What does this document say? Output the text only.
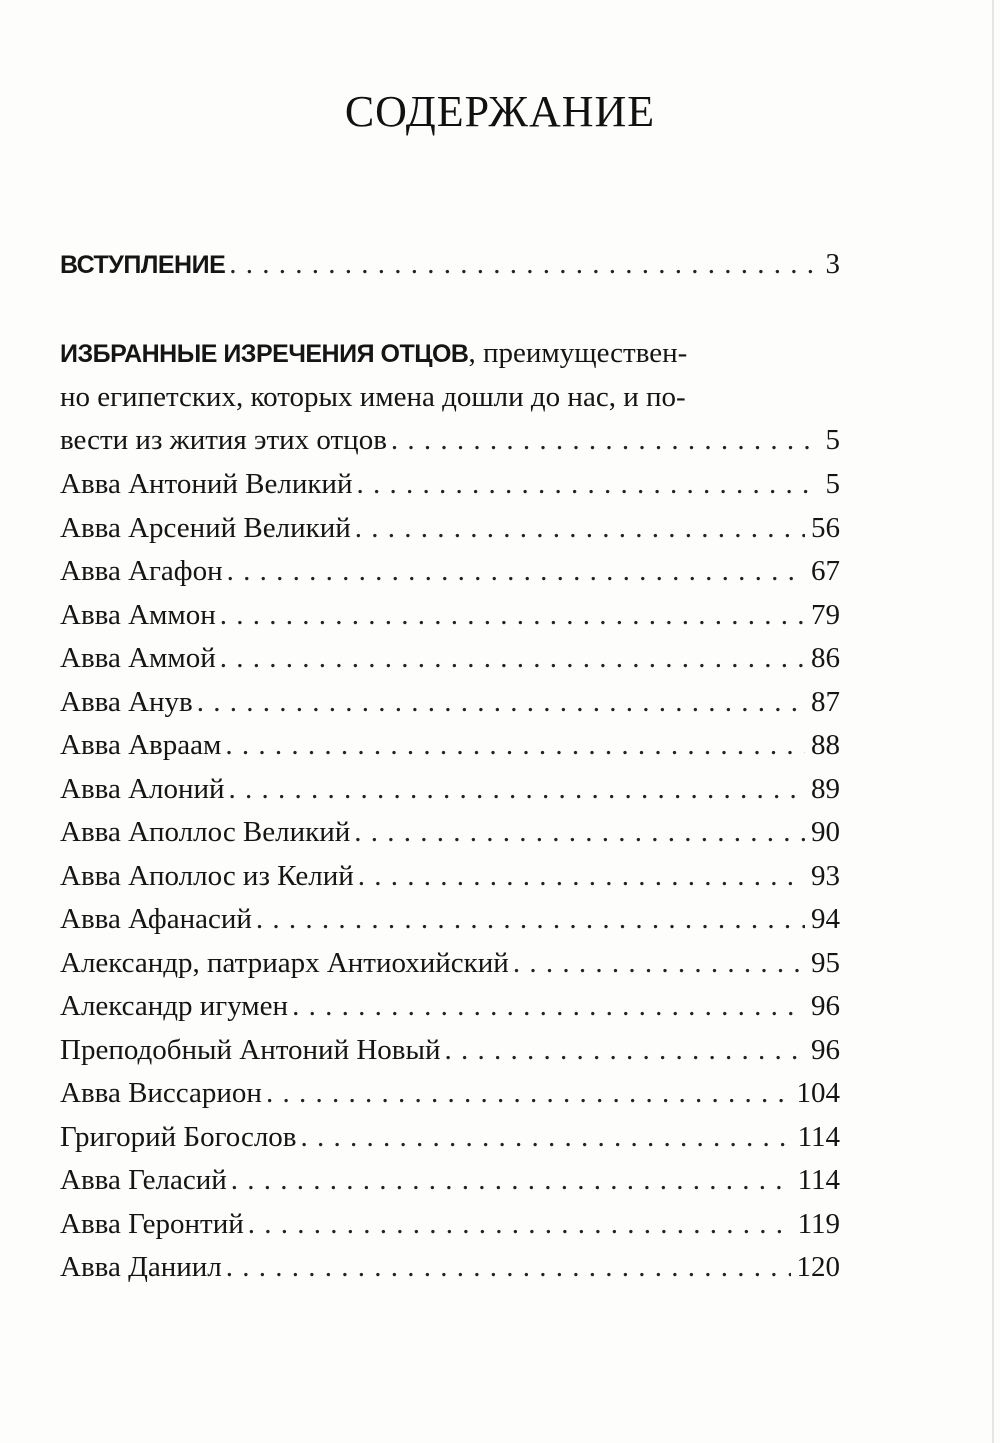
СОДЕРЖАНИЕ
ВСТУПЛЕНИЕ . . .	3
ИЗБРАННЫЕ ИЗРЕЧЕНИЯ ОТЦОВ, преимуществен-
но египетских, которых имена дошли до нас, и по-
вести из жития этих отцов . . .	5
Авва Антоний Великий . . .	5
Авва Арсений Великий . . .	56
Авва Агафон . . .	67
Авва Аммон . . .	79
Авва Аммой . . .	86
Авва Анув . . .	87
Авва Авраам . . .	88
Авва Алоний . . .	89
Авва Аполлос Великий . . .	90
Авва Аполлос из Келий . . .	93
Авва Афанасий . . .	94
Александр, патриарх Антиохийский . . .	95
Александр игумен . . .	96
Преподобный Антоний Новый . . .	96
Авва Виссарион . . .	104
Григорий Богослов . . .	114
Авва Геласий . . .	114
Авва Геронтий . . .	119
Авва Даниил . . .	120
